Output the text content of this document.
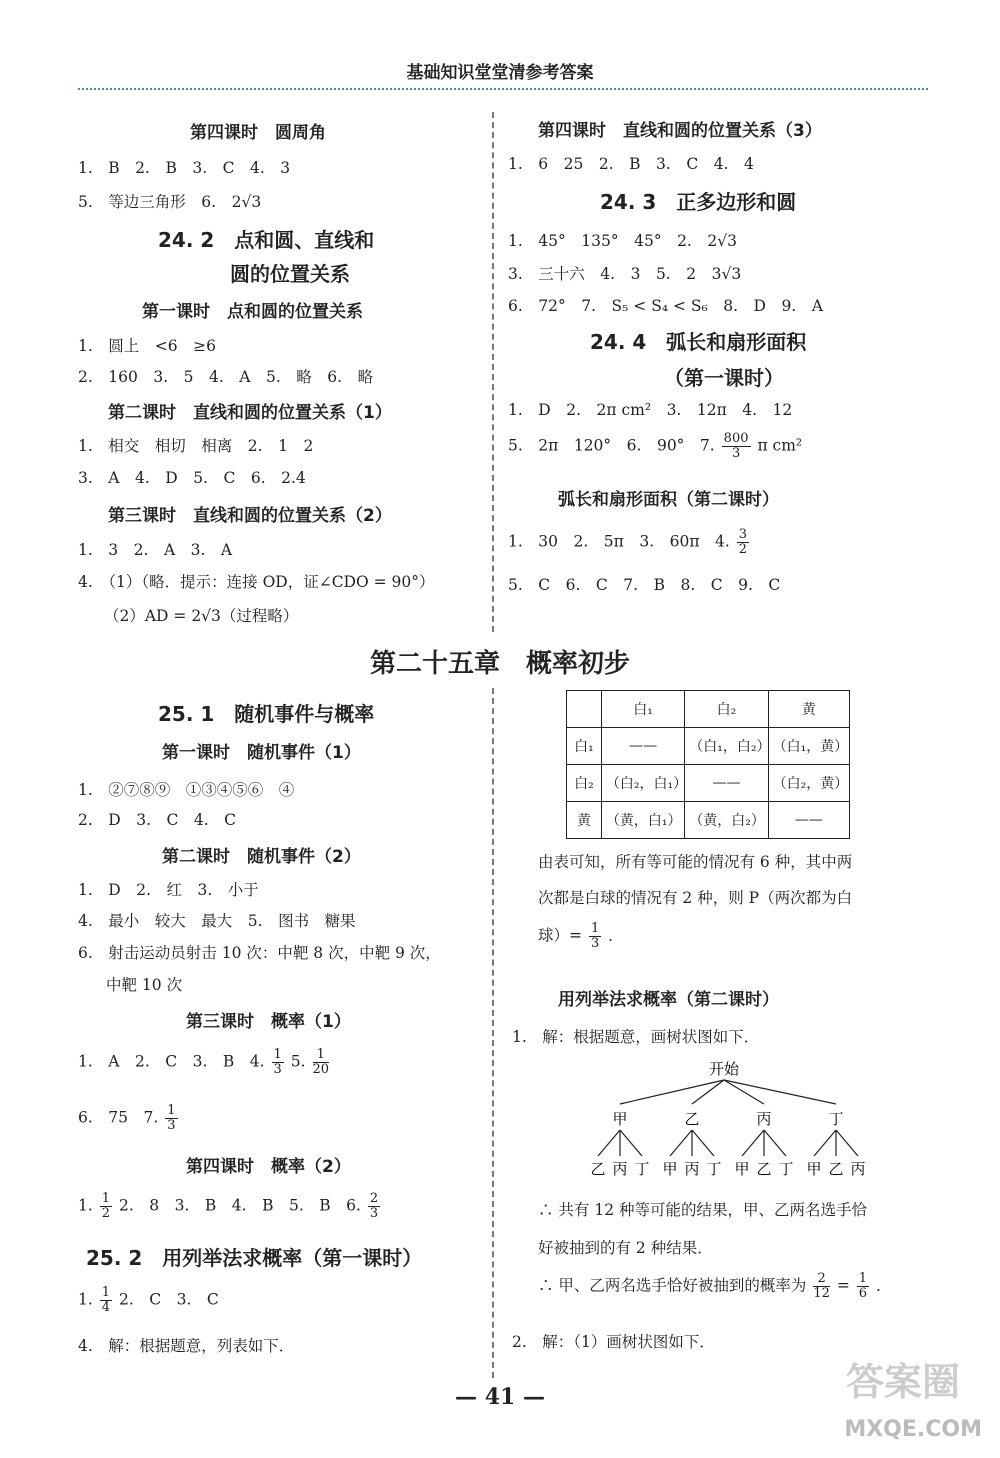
基础知识堂堂清参考答案
第四课时　圆周角
1.　B　2.　B　3.　C　4.　3
5.　等边三角形　6.　2√3
24. 2　点和圆、直线和
圆的位置关系
第一课时　点和圆的位置关系
1.　圆上　<6　≥6
2.　160　3.　5　4.　A　5.　略　6.　略
第二课时　直线和圆的位置关系（1）
1.　相交　相切　相离　2.　1　2
3.　A　4.　D　5.　C　6.　2.4
第三课时　直线和圆的位置关系（2）
1.　3　2.　A　3.　A
4.　（1）（略．提示：连接 OD，证∠CDO = 90°）
（2）AD = 2√3（过程略）
第四课时　直线和圆的位置关系（3）
1.　6　25　2.　B　3.　C　4.　4
24. 3　正多边形和圆
1.　45°　135°　45°　2.　2√3
3.　三十六　4.　3　5.　2　3√3
6.　72°　7.　S₅ < S₄ < S₆　8.　D　9.　A
24. 4　弧长和扇形面积
（第一课时）
1.　D　2.　2π cm²　3.　12π　4.　12
弧长和扇形面积（第二课时）
5.　C　6.　C　7.　B　8.　C　9.　C
25. 1　随机事件与概率
第一课时　随机事件（1）
1.　②⑦⑧⑨　①③④⑤⑥　④
2.　D　3.　C　4.　C
第二课时　随机事件（2）
1.　D　2.　红　3.　小于
4.　最小　较大　最大　5.　图书　糖果
6.　射击运动员射击 10 次：中靶 8 次，中靶 9 次，
中靶 10 次
第三课时　概率（1）
第四课时　概率（2）
25. 2　用列举法求概率（第一课时）
4.　解：根据题意，列表如下．
由表可知，所有等可能的情况有 6 种，其中两
次都是白球的情况有 2 种，则 P（两次都为白
用列举法求概率（第二课时）
1.　解：根据题意，画树状图如下．
∴ 共有 12 种等可能的结果，甲、乙两名选手恰
好被抽到的有 2 种结果．
2.　解：（1）画树状图如下．
5.　2π　120°　6.　90°　7. $\frac{800}{3}$ π cm²
1.　30　2.　5π　3.　60π　4. $\frac{3}{2}$
第二十五章　概率初步
1.　A　2.　C　3.　B　4. $\frac{1}{3} 5$. $\frac{1}{20}$
6.　75　7. $\frac{1}{3}$
1. $\frac{1}{2} 2$.　8　3.　B　4.　B　5.　B　6. $\frac{2}{3}$
1. $\frac{1}{4} 2$.　C　3.　C
	白₁	白₂	黄
白₁	——	（白₁，白₂）	（白₁，黄）
白₂	（白₂，白₁）	——	（白₂，黄）
黄	（黄，白₁）	（黄，白₂）	——
球）= $\frac{1}{3}$ ．
开始
甲
乙 丙 丁
乙
甲 丙 丁
丙
甲 乙 丁
丁
甲 乙 丙
∴ 甲、乙两名选手恰好被抽到的概率为 $\frac{2}{12} = \frac{1}{6}$ ．
— 41 —	答案圈
MXQE.COM
